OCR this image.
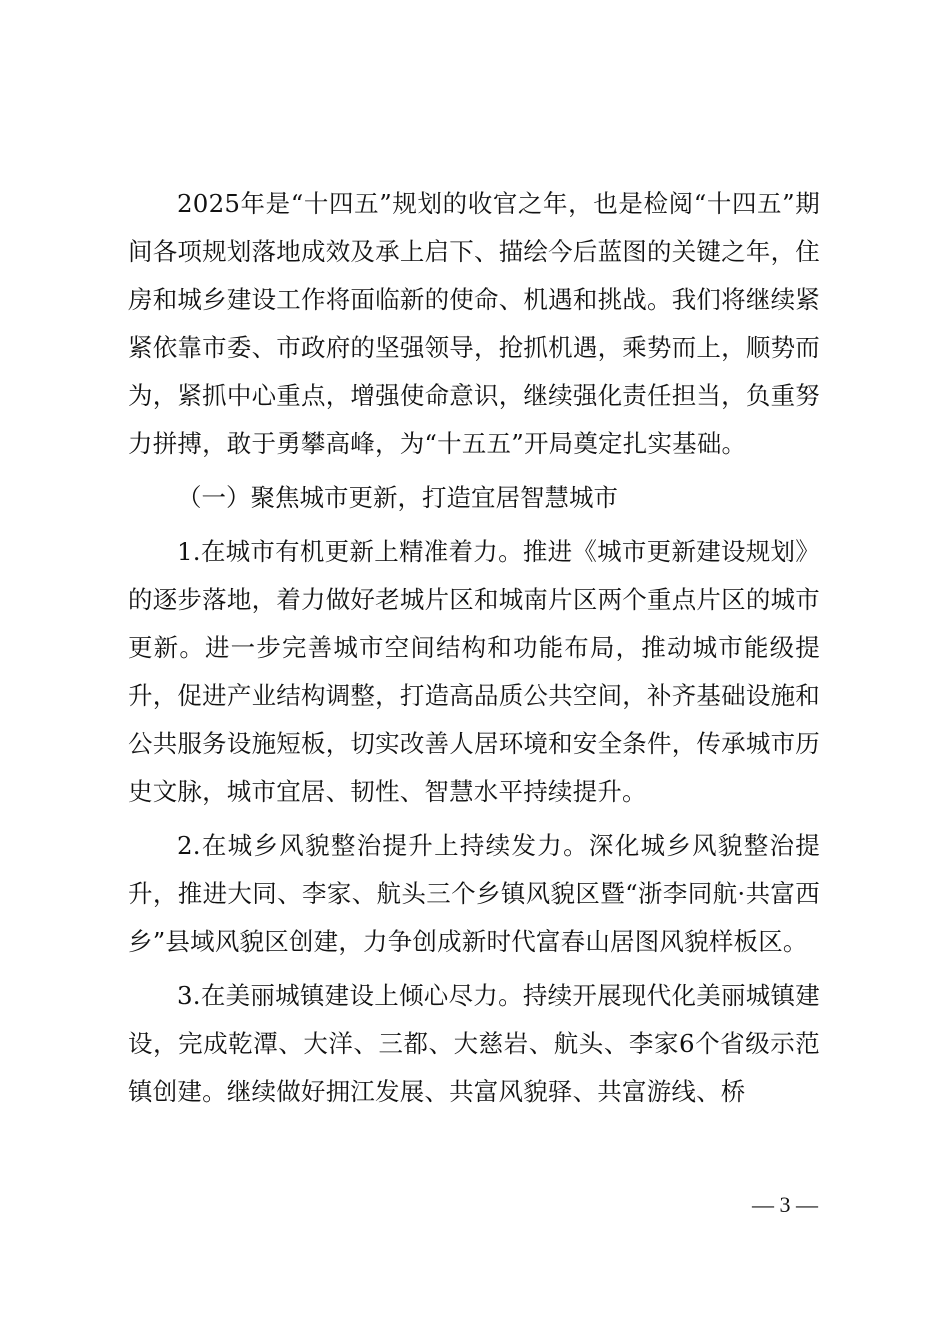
2025年是“十四五”规划的收官之年，也是检阅“十四五”期间各项规划落地成效及承上启下、描绘今后蓝图的关键之年，住房和城乡建设工作将面临新的使命、机遇和挑战。我们将继续紧紧依靠市委、市政府的坚强领导，抢抓机遇，乘势而上，顺势而为，紧抓中心重点，增强使命意识，继续强化责任担当，负重努力拼搏，敢于勇攀高峰，为“十五五”开局奠定扎实基础。

（一）聚焦城市更新，打造宜居智慧城市

1.在城市有机更新上精准着力。推进《城市更新建设规划》的逐步落地，着力做好老城片区和城南片区两个重点片区的城市更新。进一步完善城市空间结构和功能布局，推动城市能级提升，促进产业结构调整，打造高品质公共空间，补齐基础设施和公共服务设施短板，切实改善人居环境和安全条件，传承城市历史文脉，城市宜居、韧性、智慧水平持续提升。

2.在城乡风貌整治提升上持续发力。深化城乡风貌整治提升，推进大同、李家、航头三个乡镇风貌区暨“浙李同航·共富西乡”县域风貌区创建，力争创成新时代富春山居图风貌样板区。

3.在美丽城镇建设上倾心尽力。持续开展现代化美丽城镇建设，完成乾潭、大洋、三都、大慈岩、航头、李家6个省级示范镇创建。继续做好拥江发展、共富风貌驿、共富游线、桥

— 3 —
